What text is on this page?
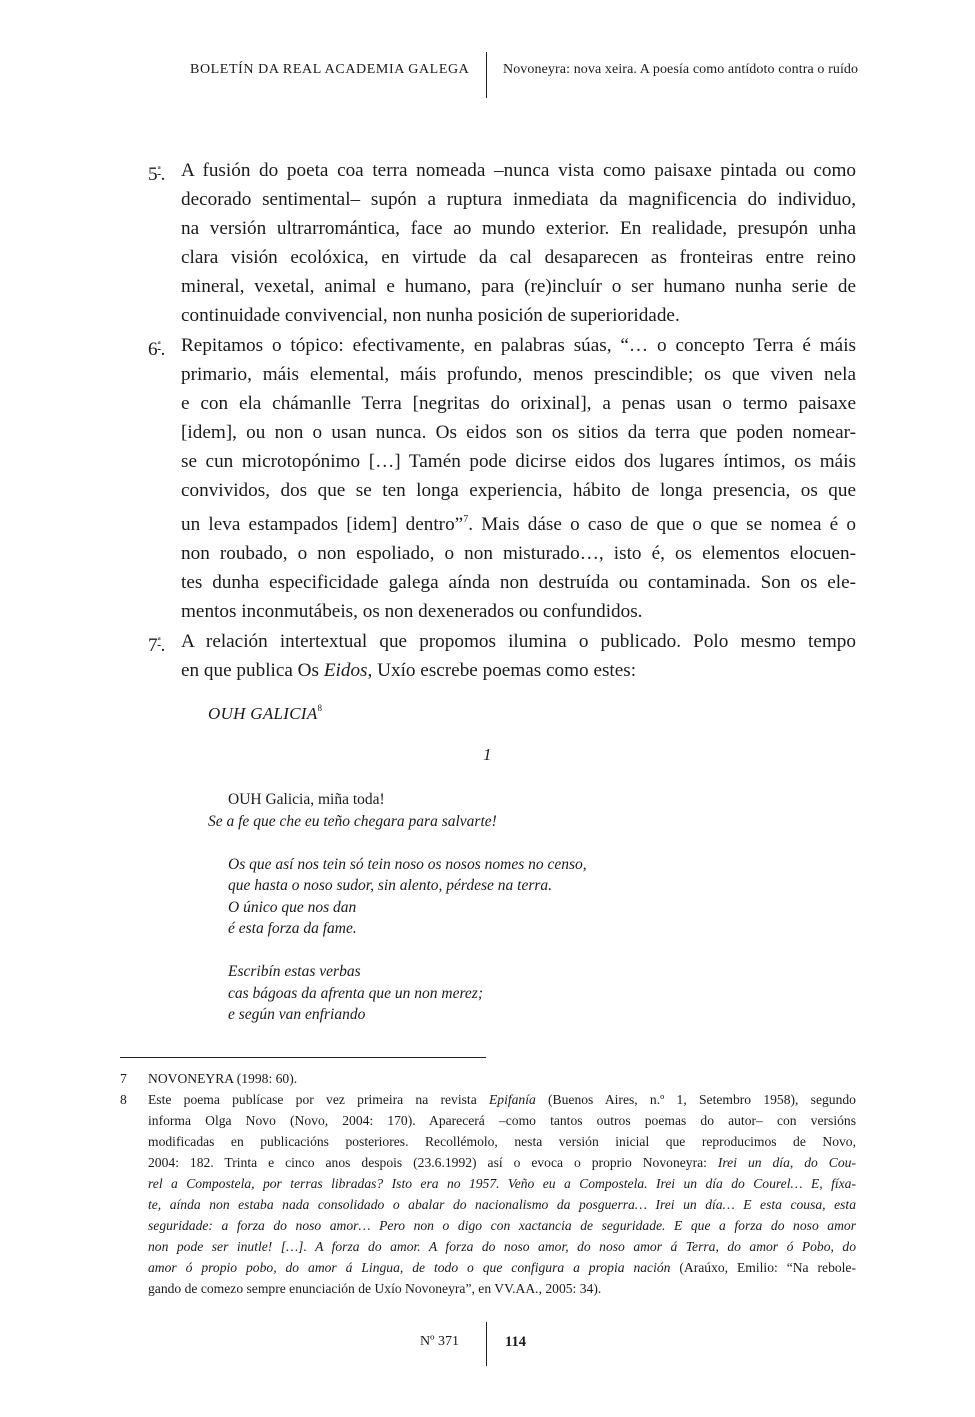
BOLETÍN DA REAL ACADEMIA GALEGA Novoneyra: nova xeira. A poesía como antídoto contra o ruído
$5^ª$. A fusión do poeta coa terra nomeada –nunca vista como paisaxe pintada ou como
decorado sentimental– supón a ruptura inmediata da magnificencia do individuo,
na versión ultrarromántica, face ao mundo exterior. En realidade, presupón unha
clara visión ecolóxica, en virtude da cal desaparecen as fronteiras entre reino
mineral, vexetal, animal e humano, para (re)incluír o ser humano nunha serie de
continuidade convivencial, non nunha posición de superioridade.
$6^ª$. Repitamos o tópico: efectivamente, en palabras súas, “… o concepto Terra é máis
primario, máis elemental, máis profundo, menos prescindible; os que viven nela
e con ela chámanlle Terra [negritas do orixinal], a penas usan o termo paisaxe
[idem], ou non o usan nunca. Os eidos son os sitios da terra que poden nomear-
se cun microtopónimo […] Tamén pode dicirse eidos dos lugares íntimos, os máis
convividos, dos que se ten longa experiencia, hábito de longa presencia, os que
un leva estampados [idem] dentro”$^7$. Mais dáse o caso de que o que se nomea é o
non roubado, o non espoliado, o non misturado…, isto é, os elementos elocuen-
tes dunha especificidade galega aínda non destruída ou contaminada. Son os ele-
mentos inconmutábeis, os non dexenerados ou confundidos.
$7^ª$. A relación intertextual que propomos ilumina o publicado. Polo mesmo tempo
en que publica Os Eidos, Uxío escrebe poemas como estes:
OUH GALICIA$^8$
1
OUH Galicia, miña toda!
Se a fe que che eu teño chegara para salvarte!
Os que así nos tein só tein noso os nosos nomes no censo,
que hasta o noso sudor, sin alento, pérdese na terra.
O único que nos dan
é esta forza da fame.
Escribín estas verbas
cas bágoas da afrenta que un non merez;
e según van enfriando
7 NOVONEYRA (1998: 60).
8 Este poema publícase por vez primeira na revista Epifanía (Buenos Aires, n.º 1, Setembro 1958), segundo
informa Olga Novo (Novo, 2004: 170). Aparecerá –como tantos outros poemas do autor– con versións
modificadas en publicacións posteriores. Recollémolo, nesta versión inicial que reproducimos de Novo,
2004: 182. Trinta e cinco anos despois (23.6.1992) así o evoca o proprio Novoneyra: Irei un día, do Cou-
rel a Compostela, por terras libradas? Isto era no 1957. Veño eu a Compostela. Irei un día do Courel… E, fíxa-
te, aínda non estaba nada consolidado o abalar do nacionalismo da posguerra… Irei un día… E esta cousa, esta
seguridade: a forza do noso amor… Pero non o digo con xactancia de seguridade. E que a forza do noso amor
non pode ser inutle! […]. A forza do amor. A forza do noso amor, do noso amor á Terra, do amor ó Pobo, do
amor ó propio pobo, do amor á Lingua, de todo o que configura a propia nación (Araúxo, Emilio: “Na rebole-
gando de comezo sempre enunciación de Uxío Novoneyra”, en VV.AA., 2005: 34).
Nº 371	114
